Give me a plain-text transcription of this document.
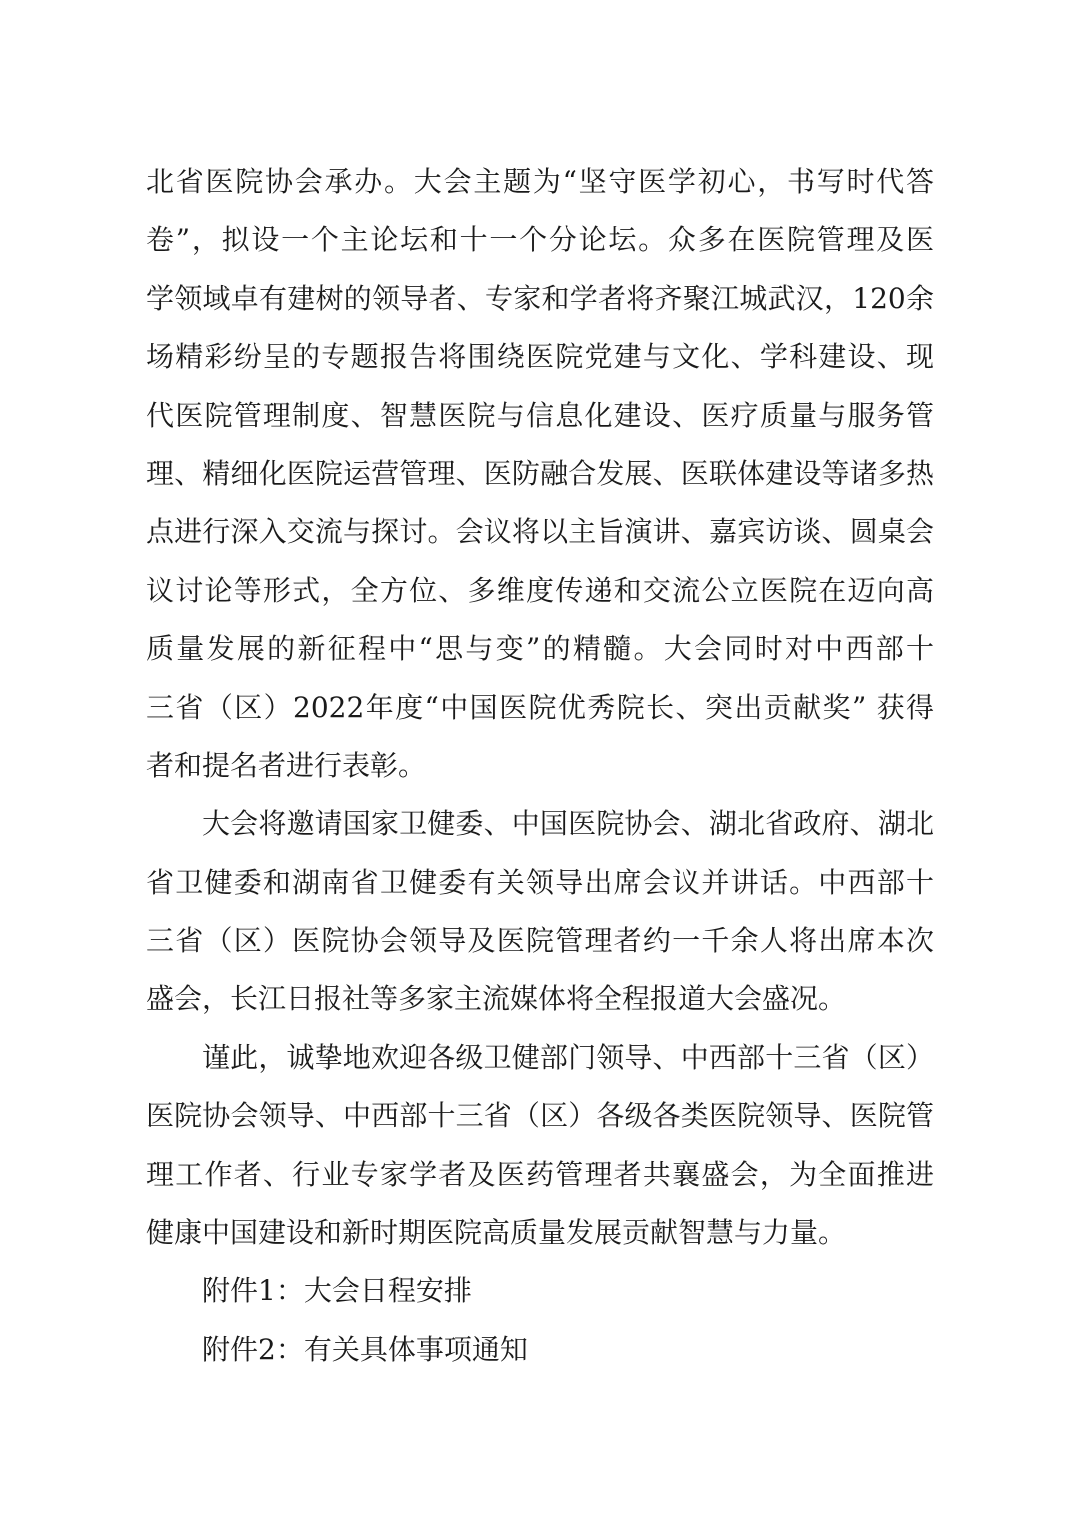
北省医院协会承办。大会主题为“坚守医学初心，书写时代答
卷”，拟设一个主论坛和十一个分论坛。众多在医院管理及医
学领域卓有建树的领导者、专家和学者将齐聚江城武汉，120余
场精彩纷呈的专题报告将围绕医院党建与文化、学科建设、现
代医院管理制度、智慧医院与信息化建设、医疗质量与服务管
理、精细化医院运营管理、医防融合发展、医联体建设等诸多热
点进行深入交流与探讨。会议将以主旨演讲、嘉宾访谈、圆桌会
议讨论等形式，全方位、多维度传递和交流公立医院在迈向高
质量发展的新征程中“思与变”的精髓。大会同时对中西部十
三省（区）2022年度“中国医院优秀院长、突出贡献奖” 获得
者和提名者进行表彰。
大会将邀请国家卫健委、中国医院协会、湖北省政府、湖北
省卫健委和湖南省卫健委有关领导出席会议并讲话。中西部十
三省（区）医院协会领导及医院管理者约一千余人将出席本次
盛会，长江日报社等多家主流媒体将全程报道大会盛况。
谨此，诚挚地欢迎各级卫健部门领导、中西部十三省（区）
医院协会领导、中西部十三省（区）各级各类医院领导、医院管
理工作者、行业专家学者及医药管理者共襄盛会，为全面推进
健康中国建设和新时期医院高质量发展贡献智慧与力量。
附件1：大会日程安排
附件2：有关具体事项通知
